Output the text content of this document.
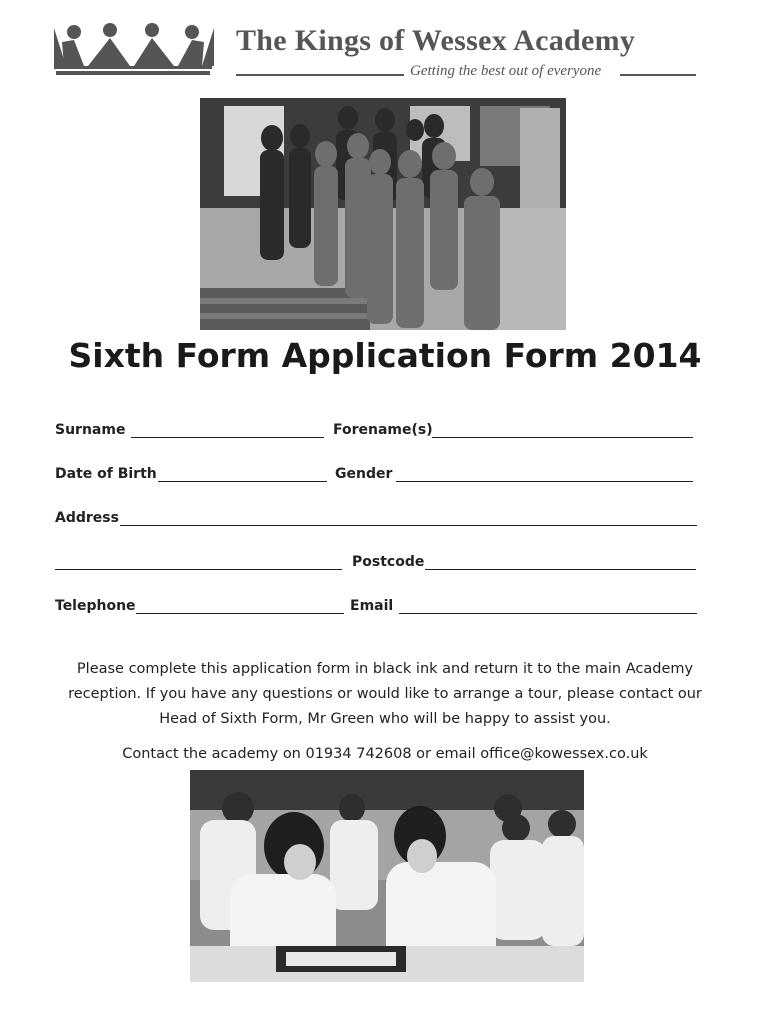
The Kings of Wessex Academy
Getting the best out of everyone
Sixth Form Application Form 2014
Surname	Forename(s)
Date of Birth	Gender
Address
Postcode
Telephone	Email
Please complete this application form in black ink and return it to the main Academy reception. If you have any questions or would like to arrange a tour, please contact our Head of Sixth Form, Mr Green who will be happy to assist you.
Contact the academy on 01934 742608 or email office@kowessex.co.uk
